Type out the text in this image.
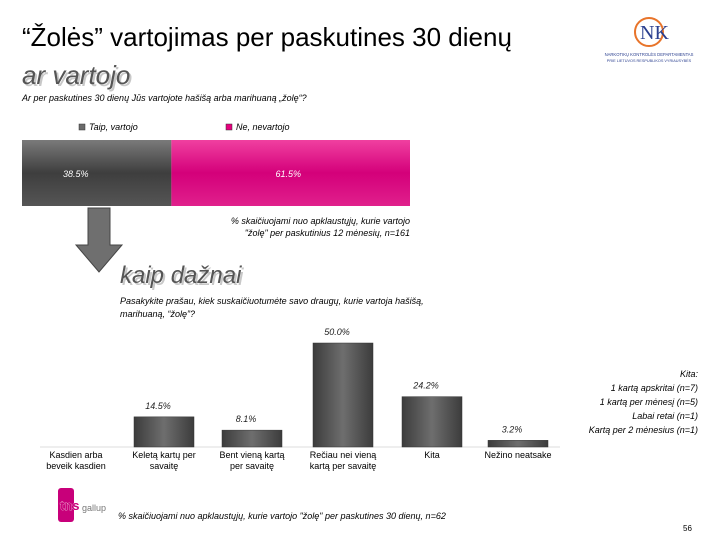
“Žolės” vartojimas per paskutines 30 dienų
ar vartojo
Ar per paskutines 30 dienų Jūs vartojote hašišą arba marihuaną „žolę“?
NK
NARKOTIKŲ KONTROLĖS DEPARTAMENTAS
PRIE LIETUVOS RESPUBLIKOS VYRIAUSYBĖS
Taip, vartojo	Ne, nevartojo
38.5%	61.5%
Kasdien arba
beveik kasdien
14.5%
Keletą kartų per
savaitę
8.1%
Bent vieną kartą
per savaitę
50.0%
Rečiau nei vieną
kartą per savaitę
24.2%
Kita
3.2%
Nežino neatsake
% skaičiuojami nuo apklaustųjų, kurie vartojo "žolę" per paskutinius 12 mėnesių, n=161
kaip dažnai
Pasakykite prašau, kiek suskaičiuotumėte savo draugų, kurie vartoja hašišą, marihuaną, “žolę”?
Kita:
1 kartą apskritai (n=7)
1 kartą per mėnesį (n=5)
Labai retai (n=1)
Kartą per 2 mėnesius (n=1)
% skaičiuojami nuo apklaustųjų, kurie vartojo "žolę" per paskutines 30 dienų, n=62
tns gallup
56
